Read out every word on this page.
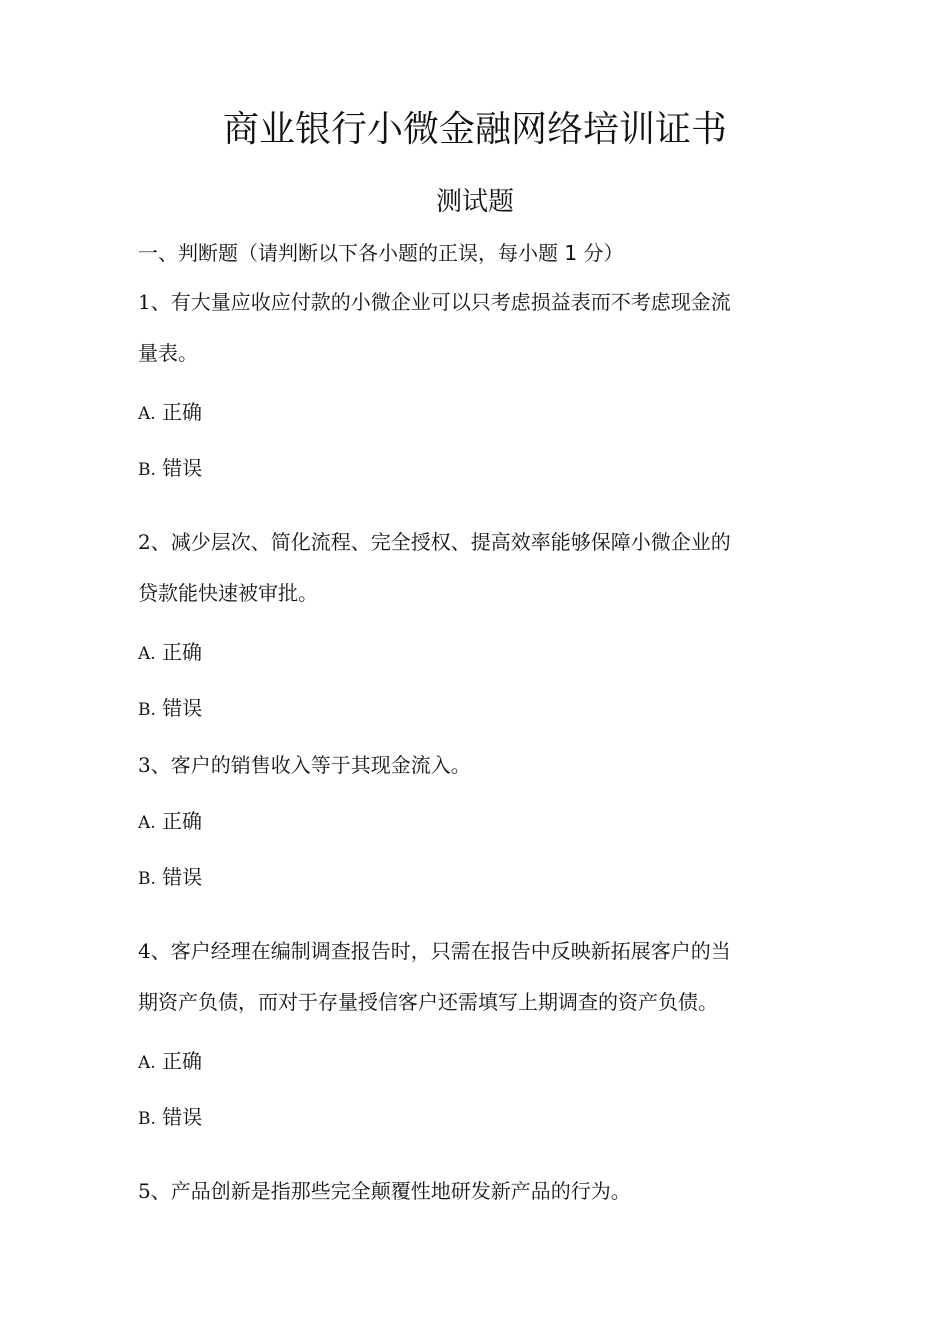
商业银行小微金融网络培训证书
测试题
一、判断题（请判断以下各小题的正误，每小题 1 分）
1、有大量应收应付款的小微企业可以只考虑损益表而不考虑现金流
量表。
A. 正确
B. 错误
2、减少层次、简化流程、完全授权、提高效率能够保障小微企业的
贷款能快速被审批。
A. 正确
B. 错误
3、客户的销售收入等于其现金流入。
A. 正确
B. 错误
4、客户经理在编制调查报告时，只需在报告中反映新拓展客户的当
期资产负债，而对于存量授信客户还需填写上期调查的资产负债。
A. 正确
B. 错误
5、产品创新是指那些完全颠覆性地研发新产品的行为。
